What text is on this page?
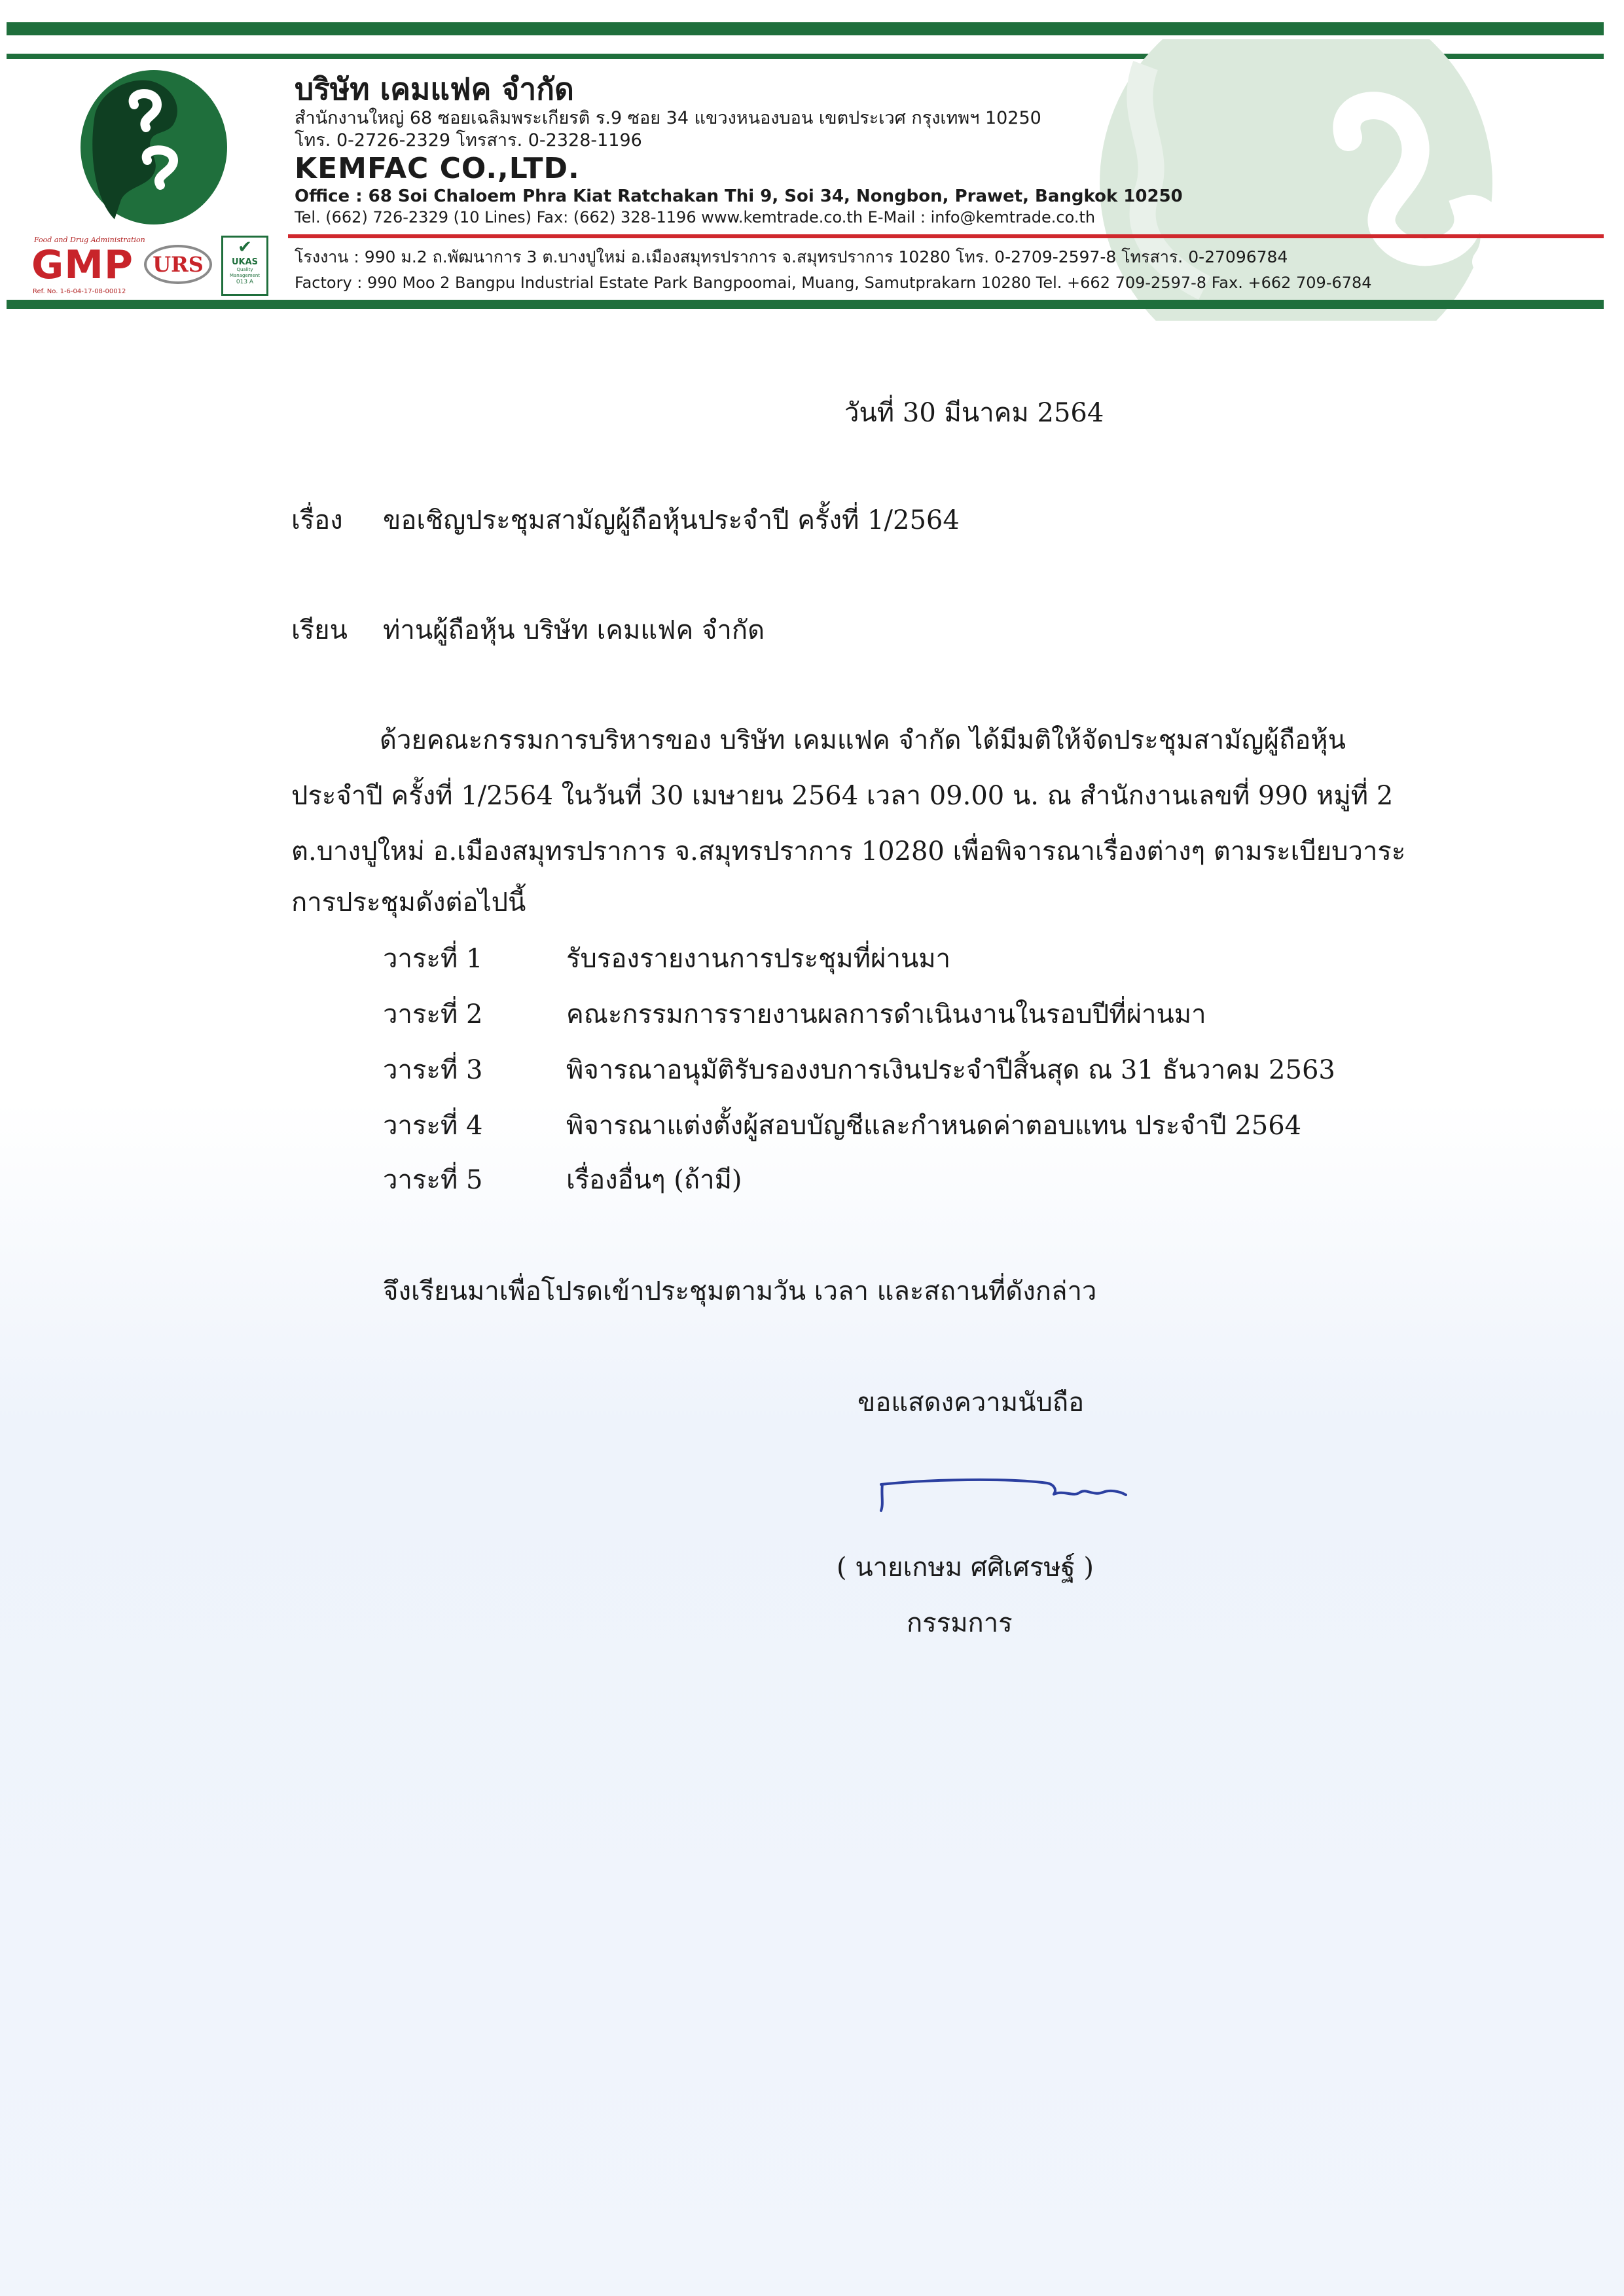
บริษัท เคมแฟค จำกัด
สำนักงานใหญ่ 68 ซอยเฉลิมพระเกียรติ ร.9 ซอย 34 แขวงหนองบอน เขตประเวศ กรุงเทพฯ 10250
โทร. 0-2726-2329 โทรสาร. 0-2328-1196
KEMFAC CO.,LTD.
Office : 68 Soi Chaloem Phra Kiat Ratchakan Thi 9, Soi 34, Nongbon, Prawet, Bangkok 10250
Tel. (662) 726-2329 (10 Lines) Fax: (662) 328-1196 www.kemtrade.co.th E-Mail : info@kemtrade.co.th
โรงงาน : 990 ม.2 ถ.พัฒนาการ 3 ต.บางปูใหม่ อ.เมืองสมุทรปราการ จ.สมุทรปราการ 10280 โทร. 0-2709-2597-8 โทรสาร. 0-27096784
Factory : 990 Moo 2 Bangpu Industrial Estate Park Bangpoomai, Muang, Samutprakarn 10280 Tel. +662 709-2597-8 Fax. +662 709-6784
Food and Drug Administration
GMP
Ref. No. 1-6-04-17-08-00012
URS
✔
UKAS
Quality Management
013 A
วันที่ 30 มีนาคม 2564
เรื่อง ขอเชิญประชุมสามัญผู้ถือหุ้นประจำปี ครั้งที่ 1/2564
เรียน ท่านผู้ถือหุ้น บริษัท เคมแฟค จำกัด
ด้วยคณะกรรมการบริหารของ บริษัท เคมแฟค จำกัด ได้มีมติให้จัดประชุมสามัญผู้ถือหุ้น
ประจำปี ครั้งที่ 1/2564 ในวันที่ 30 เมษายน 2564 เวลา 09.00 น. ณ สำนักงานเลขที่ 990 หมู่ที่ 2
ต.บางปูใหม่ อ.เมืองสมุทรปราการ จ.สมุทรปราการ 10280 เพื่อพิจารณาเรื่องต่างๆ ตามระเบียบวาระ
การประชุมดังต่อไปนี้
วาระที่ 1	รับรองรายงานการประชุมที่ผ่านมา
วาระที่ 2	คณะกรรมการรายงานผลการดำเนินงานในรอบปีที่ผ่านมา
วาระที่ 3	พิจารณาอนุมัติรับรองงบการเงินประจำปีสิ้นสุด ณ 31 ธันวาคม 2563
วาระที่ 4	พิจารณาแต่งตั้งผู้สอบบัญชีและกำหนดค่าตอบแทน ประจำปี 2564
วาระที่ 5	เรื่องอื่นๆ (ถ้ามี)
จึงเรียนมาเพื่อโปรดเข้าประชุมตามวัน เวลา และสถานที่ดังกล่าว
ขอแสดงความนับถือ
( นายเกษม ศศิเศรษฐ์ )
กรรมการ
